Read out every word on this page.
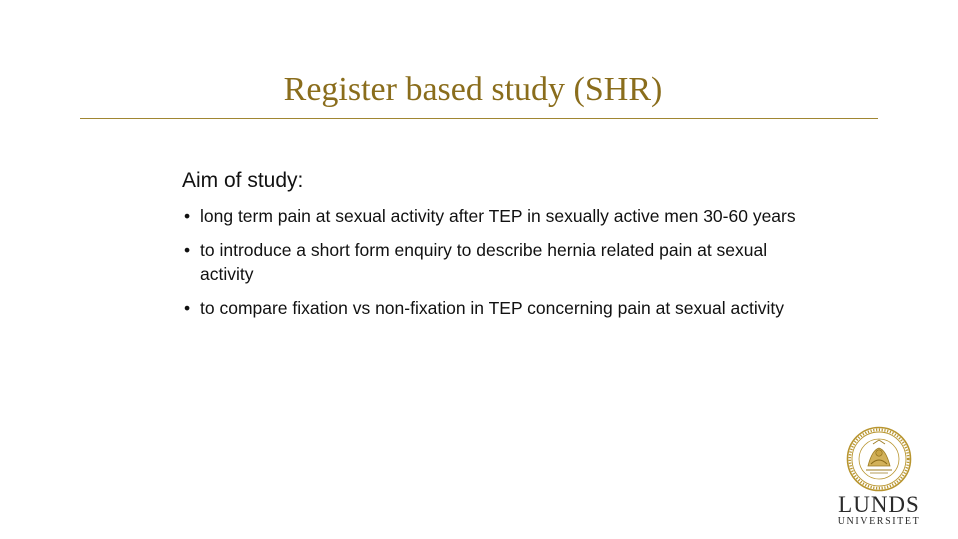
Register based study (SHR)
Aim of study:
• long term pain at sexual activity after TEP in sexually active men 30-60 years
• to introduce a short form enquiry to describe hernia related pain at sexual activity
• to compare fixation vs non-fixation in TEP concerning pain at sexual activity
LUNDS
UNIVERSITET
